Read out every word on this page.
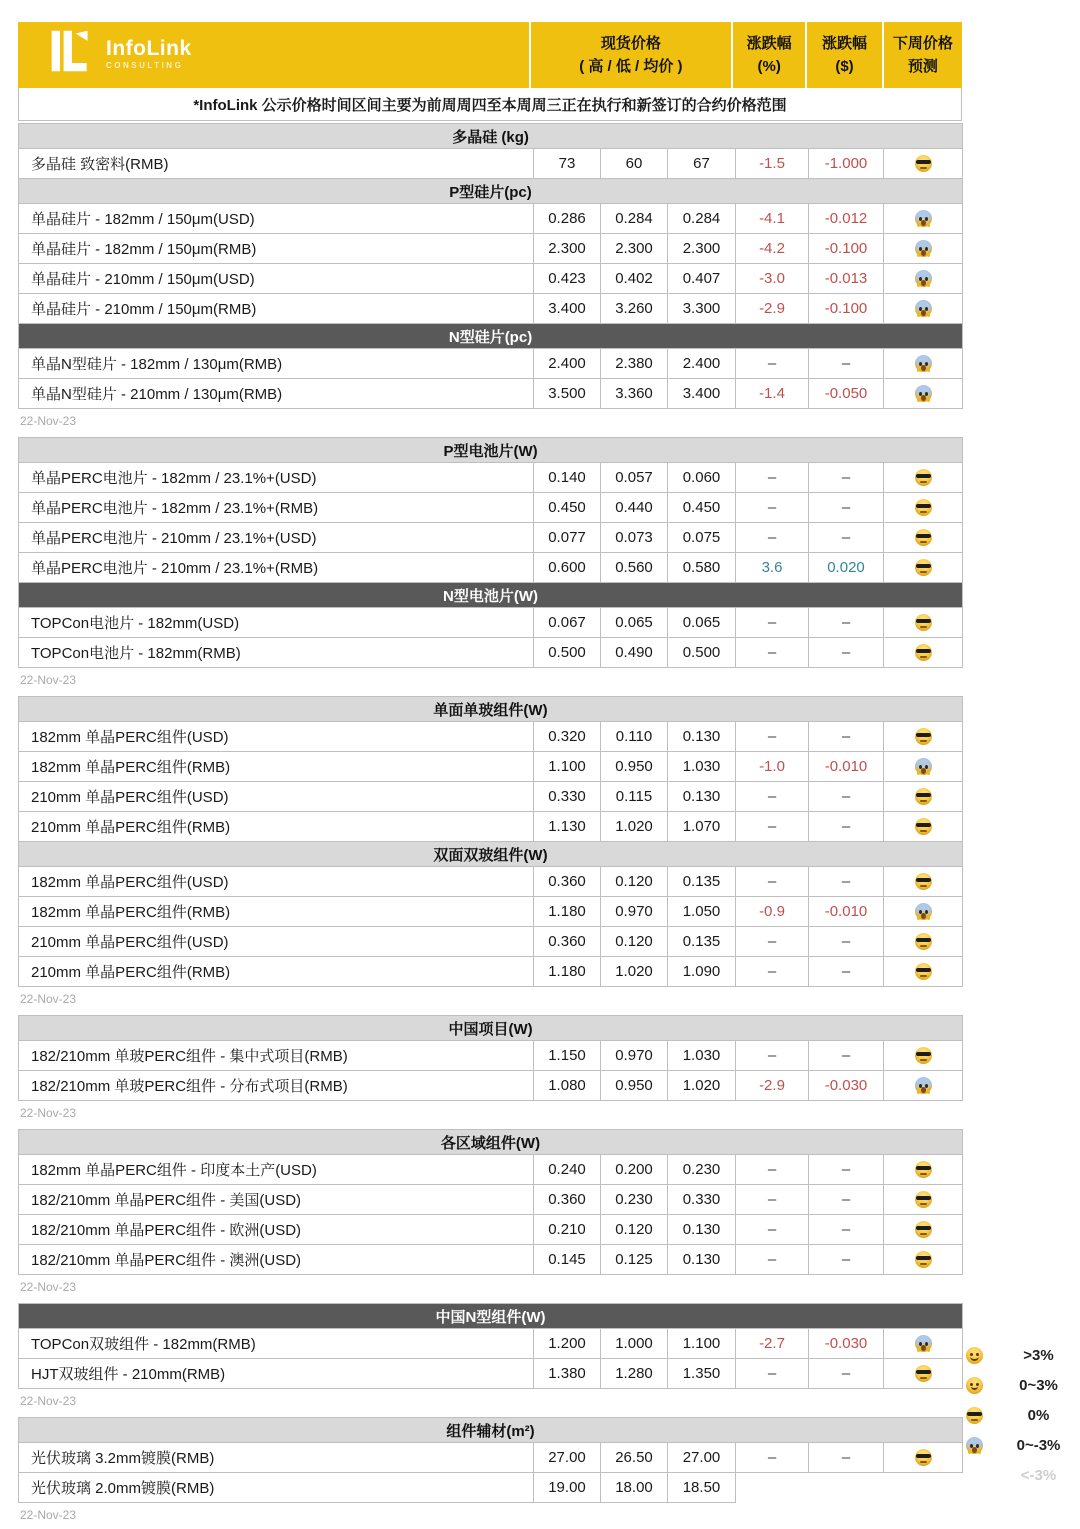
InfoLink
CONSULTING
现货价格
( 高 / 低 / 均价 )
涨跌幅
(%)
涨跌幅
($)
下周价格
预测
*InfoLink 公示价格时间区间主要为前周周四至本周周三正在执行和新签订的合约价格范围
多晶硅 (kg)						
多晶硅 致密料(RMB)	73	60	67	-1.5	-1.000	
P型硅片(pc)						
单晶硅片 - 182mm / 150μm(USD)	0.286	0.284	0.284	-4.1	-0.012	
单晶硅片 - 182mm / 150μm(RMB)	2.300	2.300	2.300	-4.2	-0.100	
单晶硅片 - 210mm / 150μm(USD)	0.423	0.402	0.407	-3.0	-0.013	
单晶硅片 - 210mm / 150μm(RMB)	3.400	3.260	3.300	-2.9	-0.100	
N型硅片(pc)						
单晶N型硅片 - 182mm / 130μm(RMB)	2.400	2.380	2.400	–	–	
单晶N型硅片 - 210mm / 130μm(RMB)	3.500	3.360	3.400	-1.4	-0.050	
22-Nov-23
P型电池片(W)						
单晶PERC电池片 - 182mm / 23.1%+(USD)	0.140	0.057	0.060	–	–	
单晶PERC电池片 - 182mm / 23.1%+(RMB)	0.450	0.440	0.450	–	–	
单晶PERC电池片 - 210mm / 23.1%+(USD)	0.077	0.073	0.075	–	–	
单晶PERC电池片 - 210mm / 23.1%+(RMB)	0.600	0.560	0.580	3.6	0.020	
N型电池片(W)						
TOPCon电池片 - 182mm(USD)	0.067	0.065	0.065	–	–	
TOPCon电池片 - 182mm(RMB)	0.500	0.490	0.500	–	–	
22-Nov-23
单面单玻组件(W)						
182mm 单晶PERC组件(USD)	0.320	0.110	0.130	–	–	
182mm 单晶PERC组件(RMB)	1.100	0.950	1.030	-1.0	-0.010	
210mm 单晶PERC组件(USD)	0.330	0.115	0.130	–	–	
210mm 单晶PERC组件(RMB)	1.130	1.020	1.070	–	–	
双面双玻组件(W)						
182mm 单晶PERC组件(USD)	0.360	0.120	0.135	–	–	
182mm 单晶PERC组件(RMB)	1.180	0.970	1.050	-0.9	-0.010	
210mm 单晶PERC组件(USD)	0.360	0.120	0.135	–	–	
210mm 单晶PERC组件(RMB)	1.180	1.020	1.090	–	–	
22-Nov-23
中国项目(W)						
182/210mm 单玻PERC组件 - 集中式项目(RMB)	1.150	0.970	1.030	–	–	
182/210mm 单玻PERC组件 - 分布式项目(RMB)	1.080	0.950	1.020	-2.9	-0.030	
22-Nov-23
各区域组件(W)						
182mm 单晶PERC组件 - 印度本土产(USD)	0.240	0.200	0.230	–	–	
182/210mm 单晶PERC组件 - 美国(USD)	0.360	0.230	0.330	–	–	
182/210mm 单晶PERC组件 - 欧洲(USD)	0.210	0.120	0.130	–	–	
182/210mm 单晶PERC组件 - 澳洲(USD)	0.145	0.125	0.130	–	–	
22-Nov-23
中国N型组件(W)						
TOPCon双玻组件 - 182mm(RMB)	1.200	1.000	1.100	-2.7	-0.030	
HJT双玻组件 - 210mm(RMB)	1.380	1.280	1.350	–	–	
22-Nov-23
组件辅材(m²)						
光伏玻璃 3.2mm镀膜(RMB)	27.00	26.50	27.00	–	–	
光伏玻璃 2.0mm镀膜(RMB)	19.00	18.00	18.50			
22-Nov-23
>3%
0~3%
0%
0~-3%
<-3%
